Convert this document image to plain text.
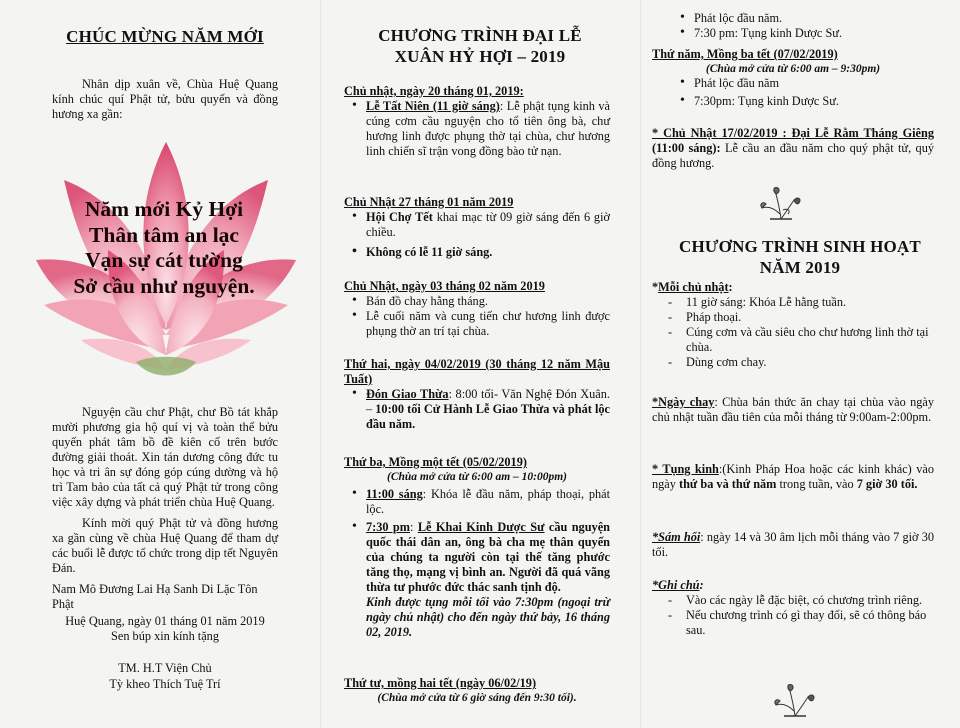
CHÚC MỪNG NĂM MỚI

Nhân dịp xuân về, Chùa Huệ Quang kính chúc quí Phật tử, bửu quyến và đồng hương xa gần:

Năm mới Kỷ Hợi
Thân tâm an lạc
Vạn sự cát tường
Sở cầu như nguyện.

Nguyện cầu chư Phật, chư Bồ tát khắp mười phương gia hộ quí vị và toàn thể bửu quyến phát tâm bồ đề kiên cố trên bước đường giải thoát. Xin tán dương công đức tu học và tri ân sự đóng góp cúng dường và hộ trì Tam bảo của tất cả quý Phật tử trong công việc xây dựng và phát triển chùa Huệ Quang.

Kính mời quý Phật tử và đồng hương xa gần cùng về chùa Huệ Quang để tham dự các buổi lễ được tổ chức trong dịp tết Nguyên Đán.

Nam Mô Đương Lai Hạ Sanh Di Lặc Tôn Phật

Huệ Quang, ngày 01 tháng 01 năm 2019

Sen búp xin kính tặng

TM. H.T Viện Chủ

Tỳ kheo Thích Tuệ Trí

CHƯƠNG TRÌNH ĐẠI LỄ
XUÂN HỶ HỢI – 2019
Chủ nhật, ngày 20 tháng 01, 2019:
• Lễ Tất Niên (11 giờ sáng): Lễ phật tụng kinh và cúng cơm cầu nguyện cho tổ tiên ông bà, chư hương linh được phụng thờ tại chùa, chư hương linh chiến sĩ trận vong đồng bào tử nạn.
Chủ Nhật 27 tháng 01 năm 2019
• Hội Chợ Tết khai mạc từ 09 giờ sáng đến 6 giờ chiều.
• Không có lễ 11 giờ sáng.
Chủ Nhật, ngày 03 tháng 02 năm 2019
• Bán đồ chay hằng tháng.
• Lễ cuối năm và cung tiến chư hương linh được phụng thờ an trí tại chùa.
Thứ hai, ngày 04/02/2019 (30 tháng 12 năm Mậu Tuất)
• Đón Giao Thừa: 8:00 tối- Văn Nghệ Đón Xuân. – 10:00 tối Cử Hành Lễ Giao Thừa và phát lộc đầu năm.
Thứ ba, Mồng một tết (05/02/2019)
(Chùa mở cửa từ 6:00 am – 10:00pm)
• 11:00 sáng: Khóa lễ đầu năm, pháp thoại, phát lộc.
• 7:30 pm: Lễ Khai Kinh Dược Sư cầu nguyện quốc thái dân an, ông bà cha mẹ thân quyến của chúng ta người còn tại thế tăng phước tăng thọ, mạng vị bình an. Người đã quá vãng thừa tư phước đức thác sanh tịnh độ.
Kinh được tụng mỗi tối vào 7:30pm (ngoại trừ ngày chủ nhật) cho đến ngày thứ bảy, 16 tháng 02, 2019.
Thứ tư, mồng hai tết (ngày 06/02/19)
(Chùa mở cửa từ 6 giờ sáng đến 9:30 tối).
• Phát lộc đầu năm.
• 7:30 pm: Tụng kinh Dược Sư.
Thứ năm, Mồng ba tết (07/02/2019)
(Chùa mở cửa từ 6:00 am – 9:30pm)
• Phát lộc đầu năm
• 7:30pm: Tụng kinh Dược Sư.

* Chủ Nhật 17/02/2019 : Đại Lễ Rằm Tháng Giêng (11:00 sáng): Lễ cầu an đầu năm cho quý phật tử, quý đồng hương.

CHƯƠNG TRÌNH SINH HOẠT
NĂM 2019
*Mỗi chủ nhật:
- 11 giờ sáng: Khóa Lễ hằng tuần.
- Pháp thoại.
- Cúng cơm và cầu siêu cho chư hương linh thờ tại chùa.
- Dùng cơm chay.

*Ngày chay: Chùa bán thức ăn chay tại chùa vào ngày chủ nhật tuần đầu tiên của mỗi tháng từ 9:00am-2:00pm.

* Tụng kinh:(Kinh Pháp Hoa hoặc các kinh khác) vào ngày thứ ba và thứ năm trong tuần, vào 7 giờ 30 tối.

*Sám hối: ngày 14 và 30 âm lịch mỗi tháng vào 7 giờ 30 tối.

*Ghi chú:
- Vào các ngày lễ đặc biệt, có chương trình riêng.
- Nếu chương trình có gì thay đổi, sẽ có thông báo sau.
